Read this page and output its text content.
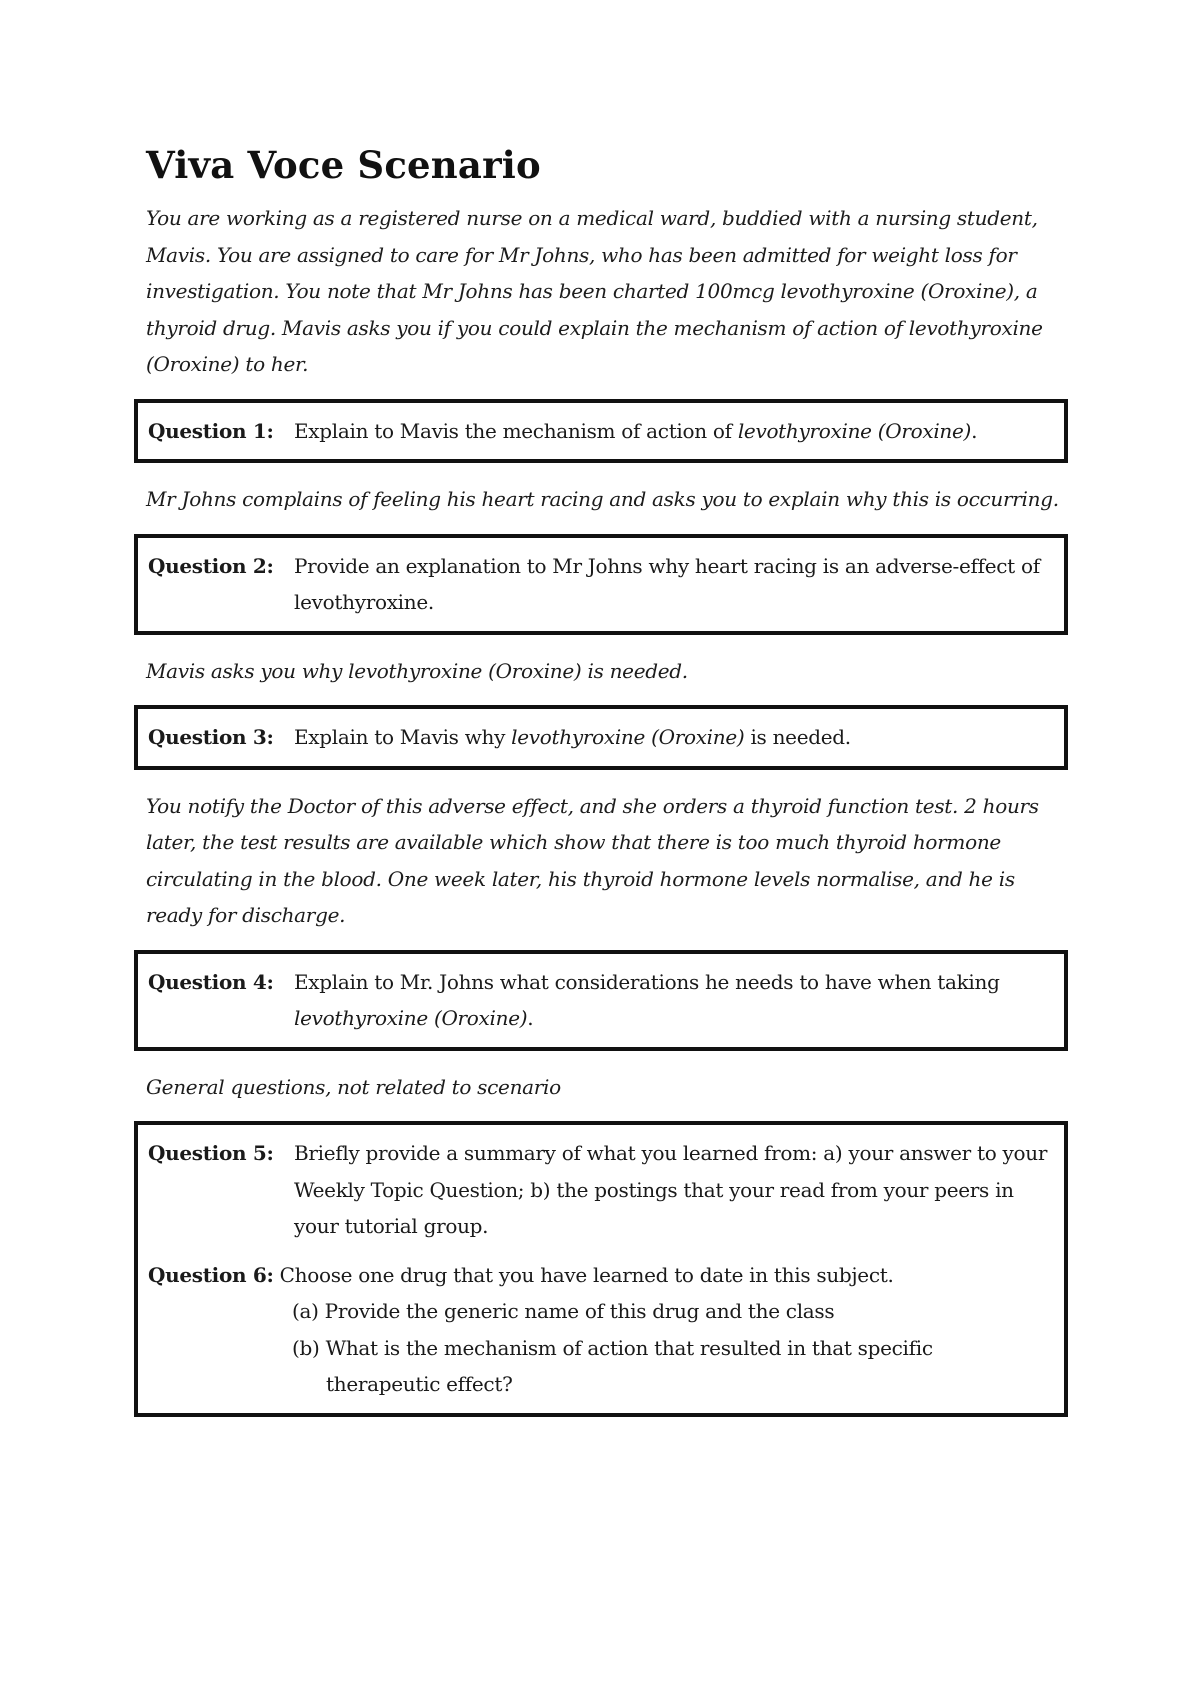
Viva Voce Scenario

You are working as a registered nurse on a medical ward, buddied with a nursing student, Mavis. You are assigned to care for Mr Johns, who has been admitted for weight loss for investigation. You note that Mr Johns has been charted 100mcg levothyroxine (Oroxine), a thyroid drug. Mavis asks you if you could explain the mechanism of action of levothyroxine (Oroxine) to her.

Question 1:	Explain to Mavis the mechanism of action of levothyroxine (Oroxine).

Mr Johns complains of feeling his heart racing and asks you to explain why this is occurring.

Question 2:	Provide an explanation to Mr Johns why heart racing is an adverse-effect of levothyroxine.

Mavis asks you why levothyroxine (Oroxine) is needed.

Question 3:	Explain to Mavis why levothyroxine (Oroxine) is needed.

You notify the Doctor of this adverse effect, and she orders a thyroid function test. 2 hours later, the test results are available which show that there is too much thyroid hormone circulating in the blood. One week later, his thyroid hormone levels normalise, and he is ready for discharge.

Question 4:	Explain to Mr. Johns what considerations he needs to have when taking levothyroxine (Oroxine).

General questions, not related to scenario

Question 5:	Briefly provide a summary of what you learned from: a) your answer to your Weekly Topic Question; b) the postings that your read from your peers in your tutorial group.
Question 6: Choose one drug that you have learned to date in this subject.
(a) Provide the generic name of this drug and the class
(b) What is the mechanism of action that resulted in that specific therapeutic effect?
